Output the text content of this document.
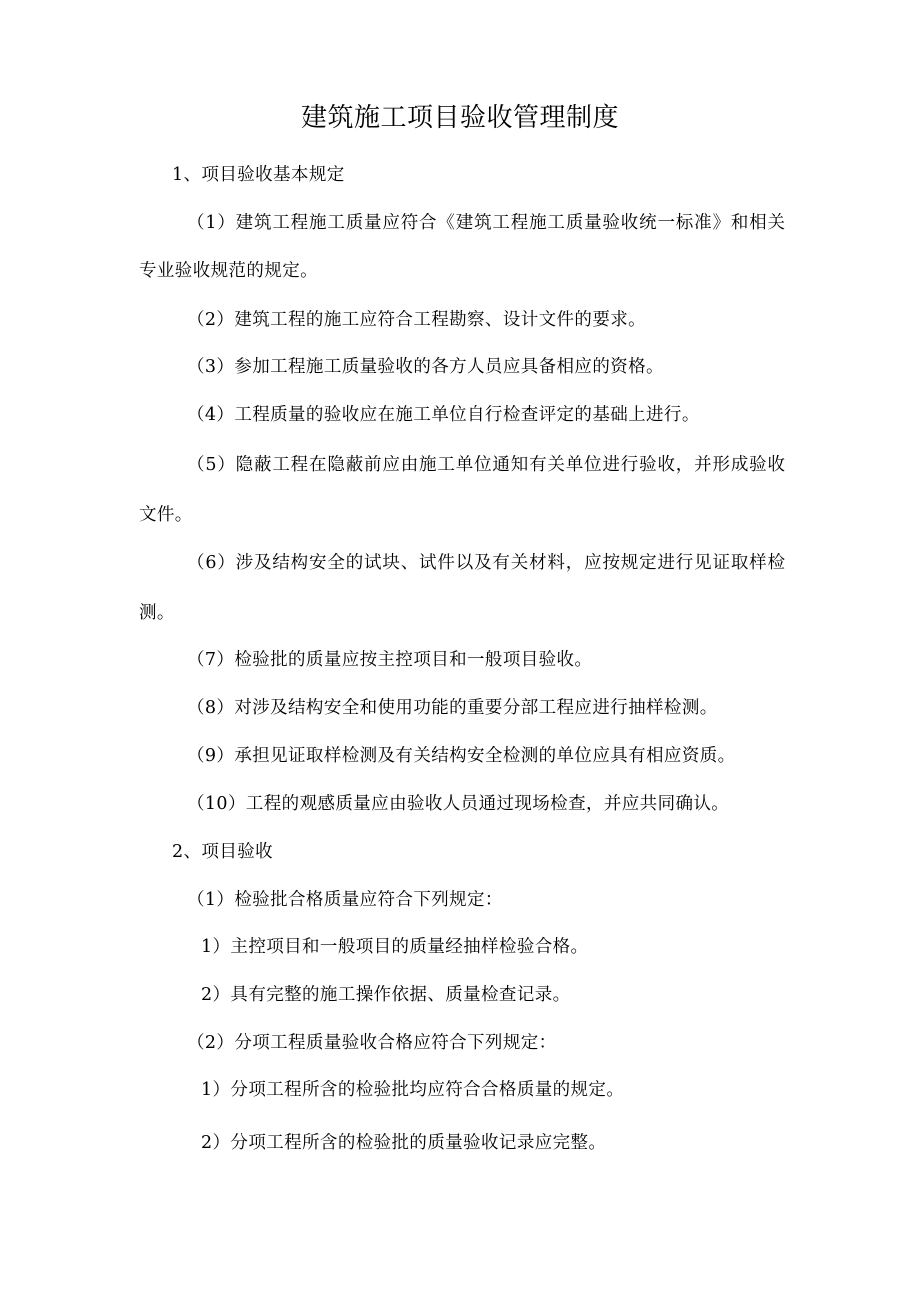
建筑施工项目验收管理制度
1、项目验收基本规定
（1）建筑工程施工质量应符合《建筑工程施工质量验收统一标准》和相关
专业验收规范的规定。
（2）建筑工程的施工应符合工程勘察、设计文件的要求。
（3）参加工程施工质量验收的各方人员应具备相应的资格。
（4）工程质量的验收应在施工单位自行检查评定的基础上进行。
（5）隐蔽工程在隐蔽前应由施工单位通知有关单位进行验收，并形成验收
文件。
（6）涉及结构安全的试块、试件以及有关材料，应按规定进行见证取样检
测。
（7）检验批的质量应按主控项目和一般项目验收。
（8）对涉及结构安全和使用功能的重要分部工程应进行抽样检测。
（9）承担见证取样检测及有关结构安全检测的单位应具有相应资质。
（10）工程的观感质量应由验收人员通过现场检查，并应共同确认。
2、项目验收
（1）检验批合格质量应符合下列规定：
1）主控项目和一般项目的质量经抽样检验合格。
2）具有完整的施工操作依据、质量检查记录。
（2）分项工程质量验收合格应符合下列规定：
1）分项工程所含的检验批均应符合合格质量的规定。
2）分项工程所含的检验批的质量验收记录应完整。
